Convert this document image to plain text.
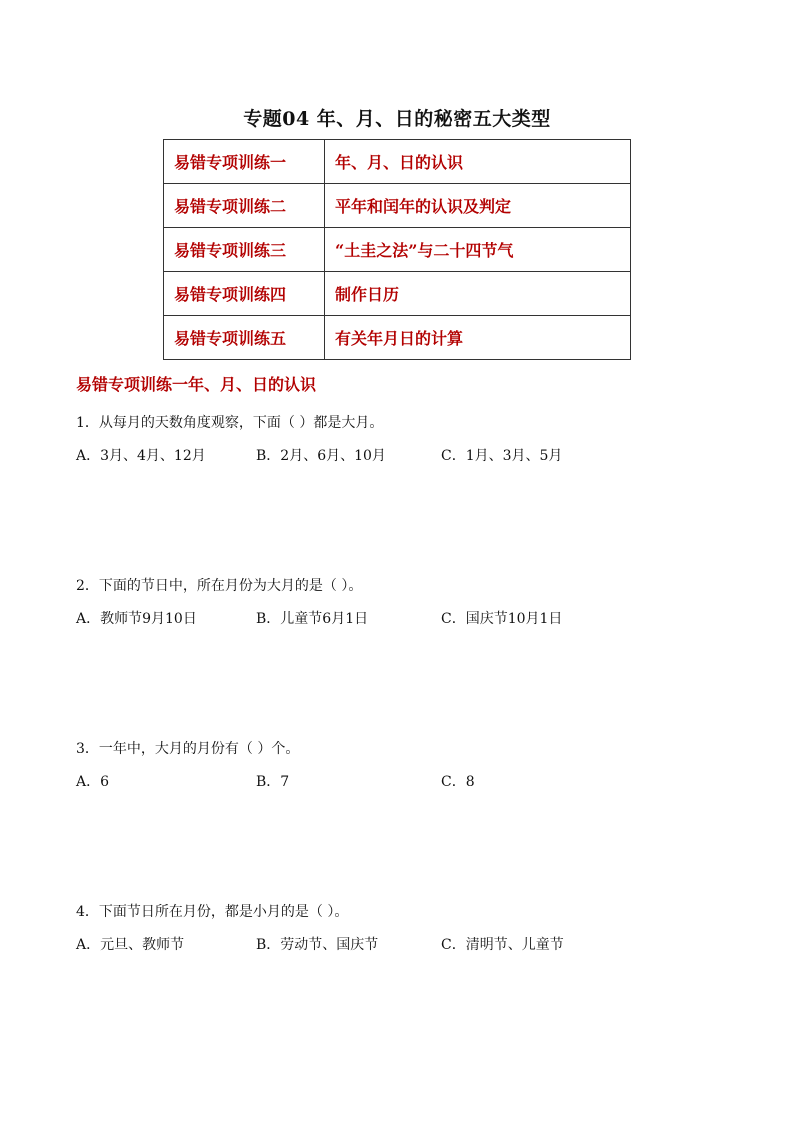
专题04 年、月、日的秘密五大类型
易错专项训练一	年、月、日的认识
易错专项训练二	平年和闰年的认识及判定
易错专项训练三	“土圭之法”与二十四节气
易错专项训练四	制作日历
易错专项训练五	有关年月日的计算
易错专项训练一年、月、日的认识
1．从每月的天数角度观察，下面（ ）都是大月。
A．3月、4月、12月	B．2月、6月、10月	C．1月、3月、5月
2．下面的节日中，所在月份为大月的是（ ）。
A．教师节9月10日	B．儿童节6月1日	C．国庆节10月1日
3．一年中，大月的月份有（ ）个。
A．6	B．7	C．8
4．下面节日所在月份，都是小月的是（ ）。
A．元旦、教师节	B．劳动节、国庆节	C．清明节、儿童节
